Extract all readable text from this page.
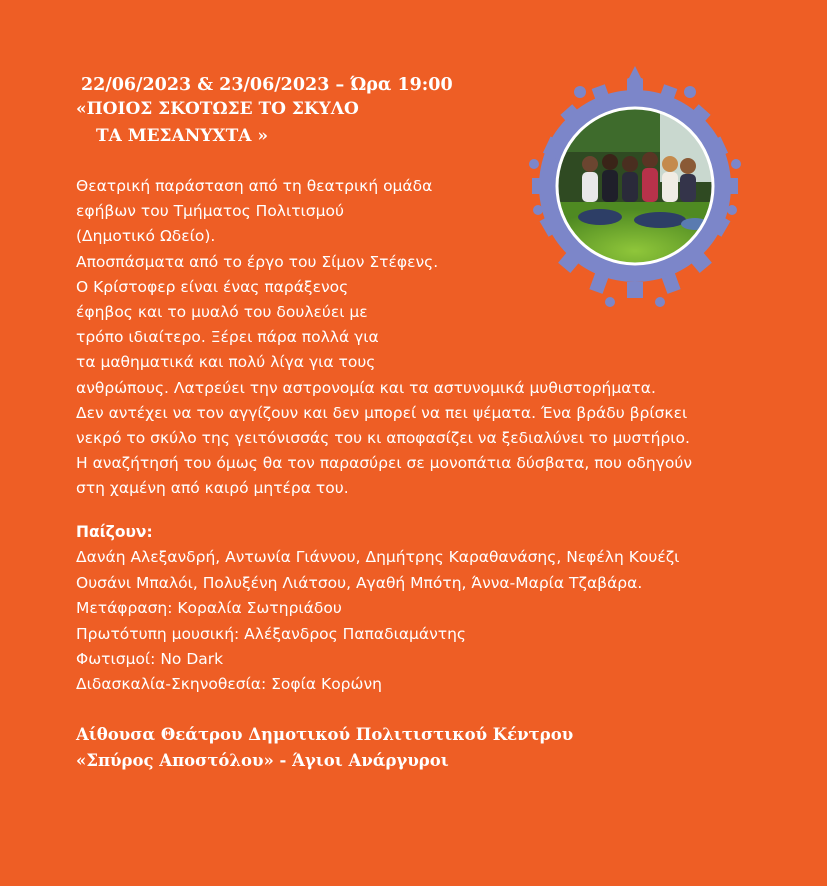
22/06/2023 & 23/06/2023 – Ώρα 19:00
«ΠΟΙΟΣ ΣΚΟΤΩΣΕ ΤΟ ΣΚΥΛΟ
ΤΑ ΜΕΣΑΝΥΧΤΑ »
Θεατρική παράσταση από τη θεατρική ομάδα
εφήβων του Τμήματος Πολιτισμού
(Δημοτικό Ωδείο).
Αποσπάσματα από το έργο του Σίμον Στέφενς.
Ο Κρίστοφερ είναι ένας παράξενος
έφηβος και το μυαλό του δουλεύει με
τρόπο ιδιαίτερο. Ξέρει πάρα πολλά για
τα μαθηματικά και πολύ λίγα για τους
ανθρώπους. Λατρεύει την αστρονομία και τα αστυνομικά μυθιστορήματα.
Δεν αντέχει να τον αγγίζουν και δεν μπορεί να πει ψέματα. Ένα βράδυ βρίσκει
νεκρό το σκύλο της γειτόνισσάς του κι αποφασίζει να ξεδιαλύνει το μυστήριο.
Η αναζήτησή του όμως θα τον παρασύρει σε μονοπάτια δύσβατα, που οδηγούν
στη χαμένη από καιρό μητέρα του.
Παίζουν:
Δανάη Αλεξανδρή, Αντωνία Γιάννου, Δημήτρης Καραθανάσης, Νεφέλη Κουέζι
Ουσάνι Μπαλόι, Πολυξένη Λιάτσου, Αγαθή Μπότη, Άννα-Μαρία Τζαβάρα.
Μετάφραση: Κοραλία Σωτηριάδου
Πρωτότυπη μουσική: Αλέξανδρος Παπαδιαμάντης
Φωτισμοί: No Dark
Διδασκαλία-Σκηνοθεσία: Σοφία Κορώνη
Αίθουσα Θεάτρου Δημοτικού Πολιτιστικού Κέντρου
«Σπύρος Αποστόλου» - Άγιοι Ανάργυροι
